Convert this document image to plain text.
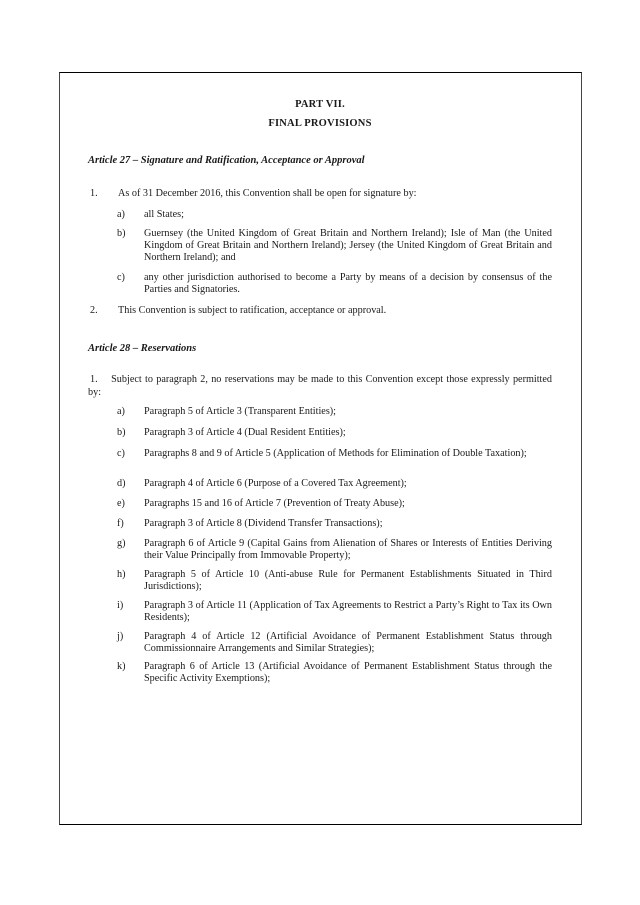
PART VII.
FINAL PROVISIONS
Article 27 – Signature and Ratification, Acceptance or Approval
1. As of 31 December 2016, this Convention shall be open for signature by:
a) all States;
b) Guernsey (the United Kingdom of Great Britain and Northern Ireland); Isle of Man (the United Kingdom of Great Britain and Northern Ireland); Jersey (the United Kingdom of Great Britain and Northern Ireland); and
c) any other jurisdiction authorised to become a Party by means of a decision by consensus of the Parties and Signatories.
2. This Convention is subject to ratification, acceptance or approval.
Article 28 – Reservations
1.  Subject to paragraph 2, no reservations may be made to this Convention except those expressly permitted by:
a) Paragraph 5 of Article 3 (Transparent Entities);
b) Paragraph 3 of Article 4 (Dual Resident Entities);
c) Paragraphs 8 and 9 of Article 5 (Application of Methods for Elimination of Double Taxation);
d) Paragraph 4 of Article 6 (Purpose of a Covered Tax Agreement);
e) Paragraphs 15 and 16 of Article 7 (Prevention of Treaty Abuse);
f) Paragraph 3 of Article 8 (Dividend Transfer Transactions);
g) Paragraph 6 of Article 9 (Capital Gains from Alienation of Shares or Interests of Entities Deriving their Value Principally from Immovable Property);
h) Paragraph 5 of Article 10 (Anti-abuse Rule for Permanent Establishments Situated in Third Jurisdictions);
i) Paragraph 3 of Article 11 (Application of Tax Agreements to Restrict a Party’s Right to Tax its Own Residents);
j) Paragraph 4 of Article 12 (Artificial Avoidance of Permanent Establishment Status through Commissionnaire Arrangements and Similar Strategies);
k) Paragraph 6 of Article 13 (Artificial Avoidance of Permanent Establishment Status through the Specific Activity Exemptions);
